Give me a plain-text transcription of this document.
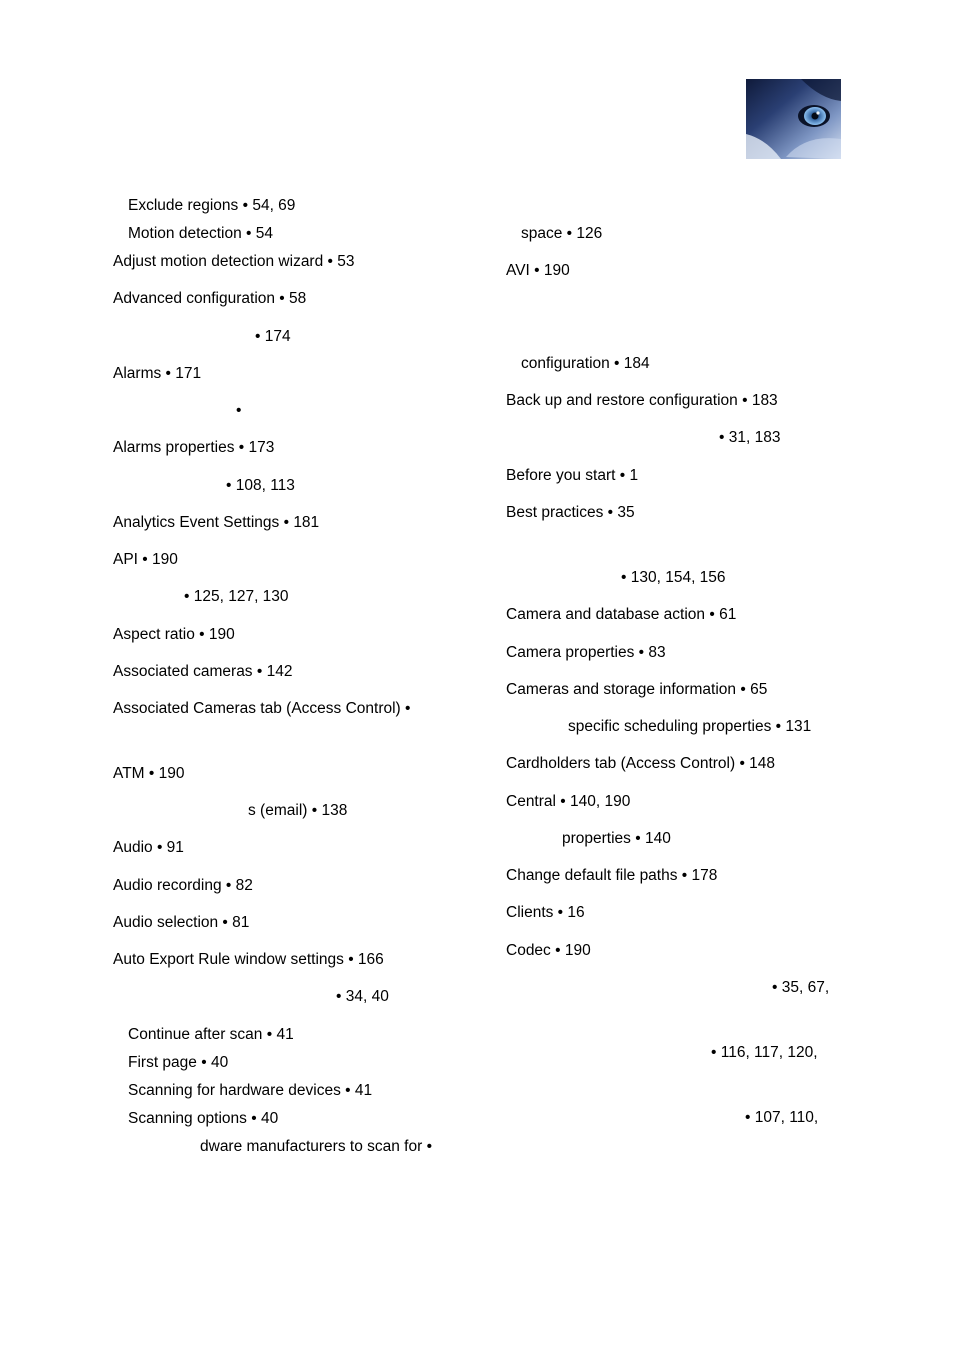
Exclude regions • 54, 69
Motion detection • 54
Adjust motion detection wizard • 53
Advanced configuration • 58
• 174
Alarms • 171
•
Alarms properties • 173
• 108, 113
Analytics Event Settings • 181
API • 190
• 125, 127, 130
Aspect ratio • 190
Associated cameras • 142
Associated Cameras tab (Access Control) •
ATM • 190
s (email) • 138
Audio • 91
Audio recording • 82
Audio selection • 81
Auto Export Rule window settings • 166
• 34, 40
Continue after scan • 41
First page • 40
Scanning for hardware devices • 41
Scanning options • 40
dware manufacturers to scan for •
space • 126
AVI • 190
configuration • 184
Back up and restore configuration • 183
• 31, 183
Before you start • 1
Best practices • 35
• 130, 154, 156
Camera and database action • 61
Camera properties • 83
Cameras and storage information • 65
specific scheduling properties • 131
Cardholders tab (Access Control) • 148
Central • 140, 190
properties • 140
Change default file paths • 178
Clients • 16
Codec • 190
• 35, 67,
• 116, 117, 120,
• 107, 110,
